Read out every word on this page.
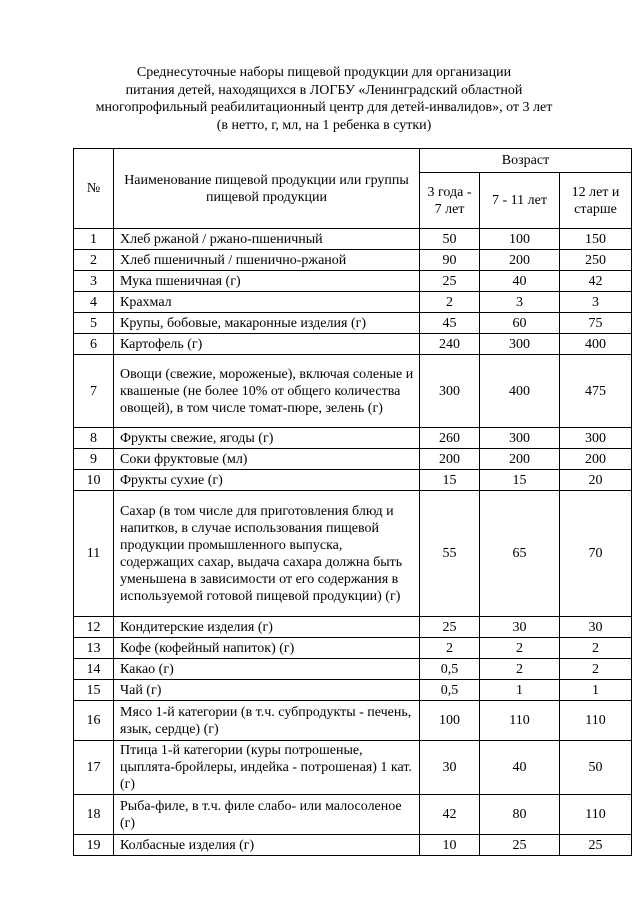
Среднесуточные наборы пищевой продукции для организации
питания детей, находящихся в ЛОГБУ «Ленинградский областной
многопрофильный реабилитационный центр для детей-инвалидов», от 3 лет
(в нетто, г, мл, на 1 ребенка в сутки)
№	Наименование пищевой продукции или группы пищевой продукции	Возраст		
		3 года - 7 лет	7 - 11 лет	12 лет и старше
1	Хлеб ржаной / ржано-пшеничный	50	100	150
2	Хлеб пшеничный / пшенично-ржаной	90	200	250
3	Мука пшеничная (г)	25	40	42
4	Крахмал	2	3	3
5	Крупы, бобовые, макаронные изделия (г)	45	60	75
6	Картофель (г)	240	300	400
7	Овощи (свежие, мороженые), включая соленые и квашеные (не более 10% от общего количества овощей), в том числе томат-пюре, зелень (г)	300	400	475
8	Фрукты свежие, ягоды (г)	260	300	300
9	Соки фруктовые (мл)	200	200	200
10	Фрукты сухие (г)	15	15	20
11	Сахар (в том числе для приготовления блюд и напитков, в случае использования пищевой продукции промышленного выпуска, содержащих сахар, выдача сахара должна быть уменьшена в зависимости от его содержания в используемой готовой пищевой продукции) (г)	55	65	70
12	Кондитерские изделия (г)	25	30	30
13	Кофе (кофейный напиток) (г)	2	2	2
14	Какао (г)	0,5	2	2
15	Чай (г)	0,5	1	1
16	Мясо 1-й категории (в т.ч. субпродукты - печень, язык, сердце) (г)	100	110	110
17	Птица 1-й категории (куры потрошеные, цыплята-бройлеры, индейка - потрошеная) 1 кат. (г)	30	40	50
18	Рыба-филе, в т.ч. филе слабо- или малосоленое (г)	42	80	110
19	Колбасные изделия (г)	10	25	25
